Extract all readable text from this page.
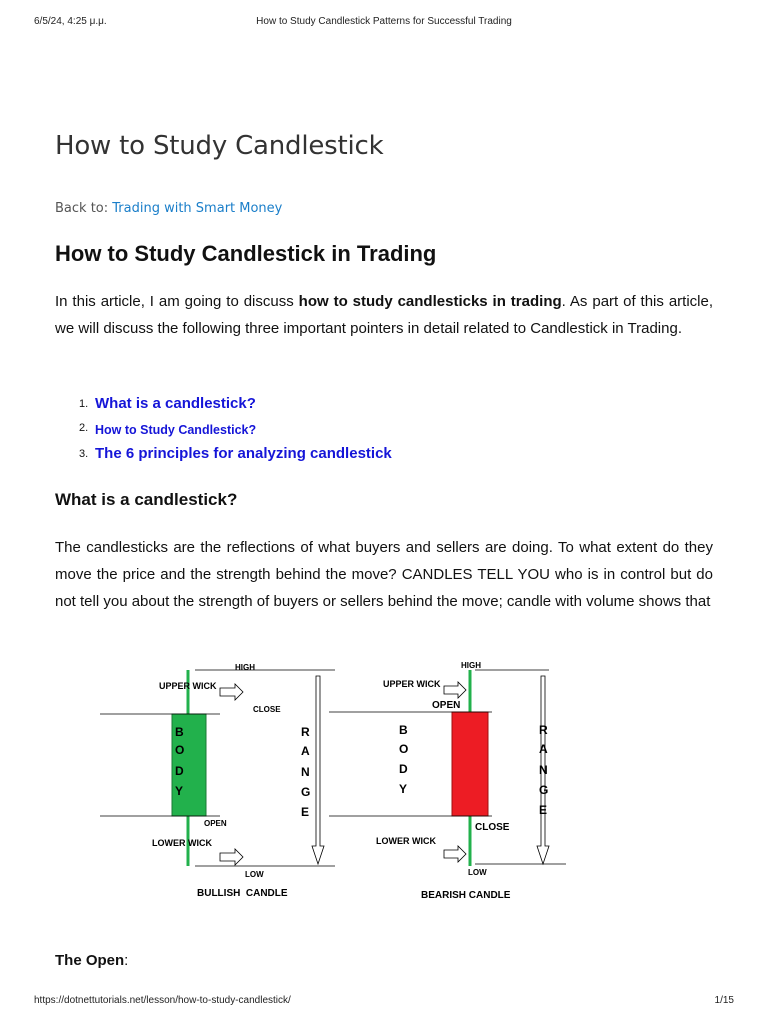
6/5/24, 4:25 μ.μ.	How to Study Candlestick Patterns for Successful Trading
How to Study Candlestick
Back to: Trading with Smart Money
How to Study Candlestick in Trading

In this article, I am going to discuss how to study candlesticks in trading. As part of this article, we will discuss the following three important pointers in detail related to Candlestick in Trading.

1. What is a candlestick?
2. How to Study Candlestick?
3. The 6 principles for analyzing candlestick
What is a candlestick?

The candlesticks are the reflections of what buyers and sellers are doing. To what extent do they move the price and the strength behind the move? CANDLES TELL YOU who is in control but do not tell you about the strength of buyers or sellers behind the move; candle with volume shows that

HIGH
UPPER WICK
CLOSE
B
O
D
Y
OPEN
LOWER WICK
LOW
R
A
N
G
E
BULLISH  CANDLE
HIGH
UPPER WICK
OPEN
B
O
D
Y
CLOSE
LOWER WICK
LOW
R
A
N
G
E
BEARISH CANDLE
The Open:
https://dotnettutorials.net/lesson/how-to-study-candlestick/	1/15
